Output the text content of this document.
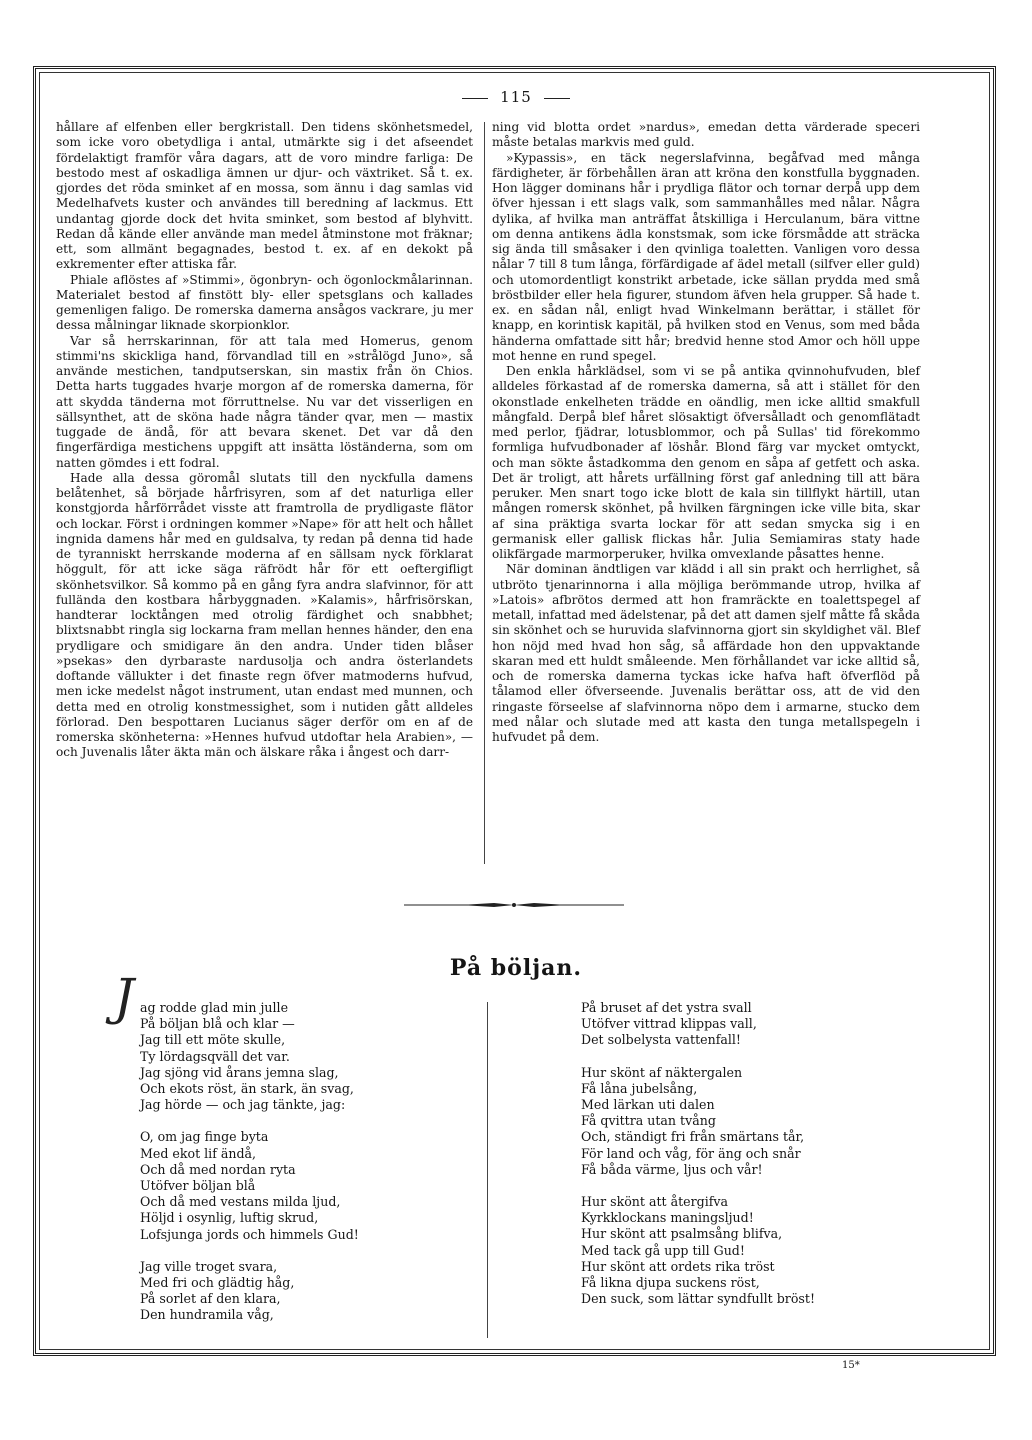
115

hållare af elfenben eller bergkristall. Den tidens skönhetsmedel, som icke voro obetydliga i antal, utmärkte sig i det afseendet fördelaktigt framför våra dagars, att de voro mindre farliga: De bestodo mest af oskadliga ämnen ur djur- och växtriket. Så t. ex. gjordes det röda sminket af en mossa, som ännu i dag samlas vid Medelhafvets kuster och användes till beredning af lackmus. Ett undantag gjorde dock det hvita sminket, som bestod af blyhvitt. Redan då kände eller använde man medel åtminstone mot fräknar; ett, som allmänt begagnades, bestod t. ex. af en dekokt på exkrementer efter attiska får.

Phiale aflöstes af »Stimmi», ögonbryn- och ögonlockmålarinnan. Materialet bestod af finstött bly- eller spetsglans och kallades gemenligen faligo. De romerska damerna ansågos vackrare, ju mer dessa målningar liknade skorpionklor.

Var så herrskarinnan, för att tala med Homerus, genom stimmi'ns skickliga hand, förvandlad till en »strålögd Juno», så använde mestichen, tandputserskan, sin mastix från ön Chios. Detta harts tuggades hvarje morgon af de romerska damerna, för att skydda tänderna mot förruttnelse. Nu var det visserligen en sällsynthet, att de sköna hade några tänder qvar, men — mastix tuggade de ändå, för att bevara skenet. Det var då den fingerfärdiga mestichens uppgift att insätta löständerna, som om natten gömdes i ett fodral.

Hade alla dessa göromål slutats till den nyckfulla damens belåtenhet, så började hårfrisyren, som af det naturliga eller konstgjorda hårförrådet visste att framtrolla de prydligaste flätor och lockar. Först i ordningen kommer »Nape» för att helt och hållet ingnida damens hår med en guldsalva, ty redan på denna tid hade de tyranniskt herrskande moderna af en sällsam nyck förklarat höggult, för att icke säga räfrödt hår för ett oeftergifligt skönhetsvilkor. Så kommo på en gång fyra andra slafvinnor, för att fullända den kostbara hårbyggnaden. »Kalamis», hårfrisörskan, handterar locktången med otrolig färdighet och snabbhet; blixtsnabbt ringla sig lockarna fram mellan hennes händer, den ena prydligare och smidigare än den andra. Under tiden blåser »psekas» den dyrbaraste nardusolja och andra österlandets doftande vällukter i det finaste regn öfver matmoderns hufvud, men icke medelst något instrument, utan endast med munnen, och detta med en otrolig konstmessighet, som i nutiden gått alldeles förlorad. Den bespottaren Lucianus säger derför om en af de romerska skönheterna: »Hennes hufvud utdoftar hela Arabien», — och Juvenalis låter äkta män och älskare råka i ångest och darr-

ning vid blotta ordet »nardus», emedan detta värderade speceri måste betalas markvis med guld.

»Kypassis», en täck negerslafvinna, begåfvad med många färdigheter, är förbehållen äran att kröna den konstfulla byggnaden. Hon lägger dominans hår i prydliga flätor och tornar derpå upp dem öfver hjessan i ett slags valk, som sammanhålles med nålar. Några dylika, af hvilka man anträffat åtskilliga i Herculanum, bära vittne om denna antikens ädla konstsmak, som icke försmådde att sträcka sig ända till småsaker i den qvinliga toaletten. Vanligen voro dessa nålar 7 till 8 tum långa, förfärdigade af ädel metall (silfver eller guld) och utomordentligt konstrikt arbetade, icke sällan prydda med små bröstbilder eller hela figurer, stundom äfven hela grupper. Så hade t. ex. en sådan nål, enligt hvad Winkelmann berättar, i stället för knapp, en korintisk kapitäl, på hvilken stod en Venus, som med båda händerna omfattade sitt hår; bredvid henne stod Amor och höll uppe mot henne en rund spegel.

Den enkla hårklädsel, som vi se på antika qvinnohufvuden, blef alldeles förkastad af de romerska damerna, så att i stället för den okonstlade enkelheten trädde en oändlig, men icke alltid smakfull mångfald. Derpå blef håret slösaktigt öfversålladt och genomflätadt med perlor, fjädrar, lotusblommor, och på Sullas' tid förekommo formliga hufvudbonader af löshår. Blond färg var mycket omtyckt, och man sökte åstadkomma den genom en såpa af getfett och aska. Det är troligt, att hårets urfällning först gaf anledning till att bära peruker. Men snart togo icke blott de kala sin tillflykt härtill, utan mången romersk skönhet, på hvilken färgningen icke ville bita, skar af sina präktiga svarta lockar för att sedan smycka sig i en germanisk eller gallisk flickas hår. Julia Semiamiras staty hade olikfärgade marmorperuker, hvilka omvexlande påsattes henne.

När dominan ändtligen var klädd i all sin prakt och herrlighet, så utbröto tjenarinnorna i alla möjliga berömmande utrop, hvilka af »Latois» afbrötos dermed att hon framräckte en toalettspegel af metall, infattad med ädelstenar, på det att damen sjelf måtte få skåda sin skönhet och se huruvida slafvinnorna gjort sin skyldighet väl. Blef hon nöjd med hvad hon såg, så affärdade hon den uppvaktande skaran med ett huldt småleende. Men förhållandet var icke alltid så, och de romerska damerna tyckas icke hafva haft öfverflöd på tålamod eller öfverseende. Juvenalis berättar oss, att de vid den ringaste förseelse af slafvinnorna nöpo dem i armarne, stucko dem med nålar och slutade med att kasta den tunga metallspegeln i hufvudet på dem.

På böljan.
J ag rodde glad min julle
På böljan blå och klar —
Jag till ett möte skulle,
Ty lördagsqväll det var.
Jag sjöng vid årans jemna slag,
Och ekots röst, än stark, än svag,
Jag hörde — och jag tänkte, jag:
O, om jag finge byta
Med ekot lif ändå,
Och då med nordan ryta
Utöfver böljan blå
Och då med vestans milda ljud,
Höljd i osynlig, luftig skrud,
Lofsjunga jords och himmels Gud!
Jag ville troget svara,
Med fri och glädtig håg,
På sorlet af den klara,
Den hundramila våg,
På bruset af det ystra svall
Utöfver vittrad klippas vall,
Det solbelysta vattenfall!
Hur skönt af näktergalen
Få låna jubelsång,
Med lärkan uti dalen
Få qvittra utan tvång
Och, ständigt fri från smärtans tår,
För land och våg, för äng och snår
Få båda värme, ljus och vår!
Hur skönt att återgifva
Kyrkklockans maningsljud!
Hur skönt att psalmsång blifva,
Med tack gå upp till Gud!
Hur skönt att ordets rika tröst
Få likna djupa suckens röst,
Den suck, som lättar syndfullt bröst!
15*
